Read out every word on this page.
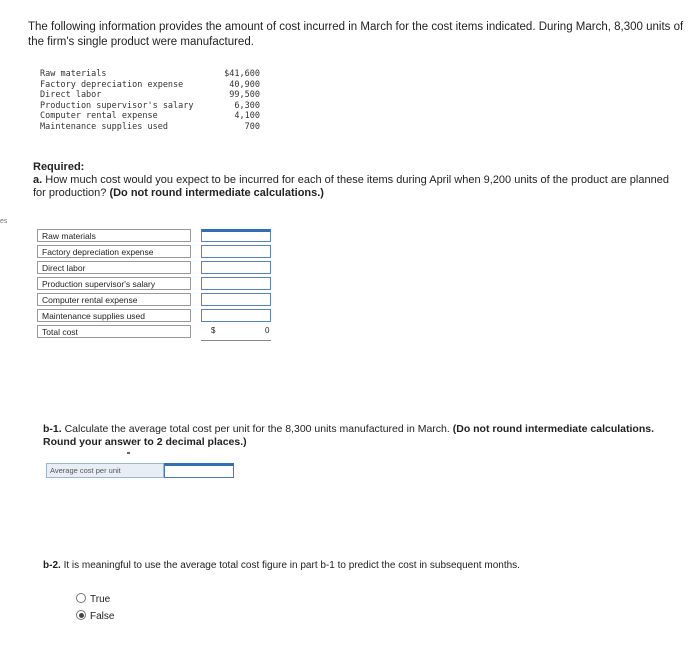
es
The following information provides the amount of cost incurred in March for the cost items indicated. During March, 8,300 units of the firm's single product were manufactured.
Raw materials
Factory depreciation expense
Direct labor
Production supervisor's salary
Computer rental expense
Maintenance supplies used
$41,600
40,900
99,500
6,300
4,100
700
Required:
a. How much cost would you expect to be incurred for each of these items during April when 9,200 units of the product are planned for production? (Do not round intermediate calculations.)
Raw materials
Factory depreciation expense
Direct labor
Production supervisor's salary
Computer rental expense
Maintenance supplies used
Total cost	$	0
b-1. Calculate the average total cost per unit for the 8,300 units manufactured in March. (Do not round intermediate calculations. Round your answer to 2 decimal places.)
Average cost per unit
b-2. It is meaningful to use the average total cost figure in part b-1 to predict the cost in subsequent months.
True
False
